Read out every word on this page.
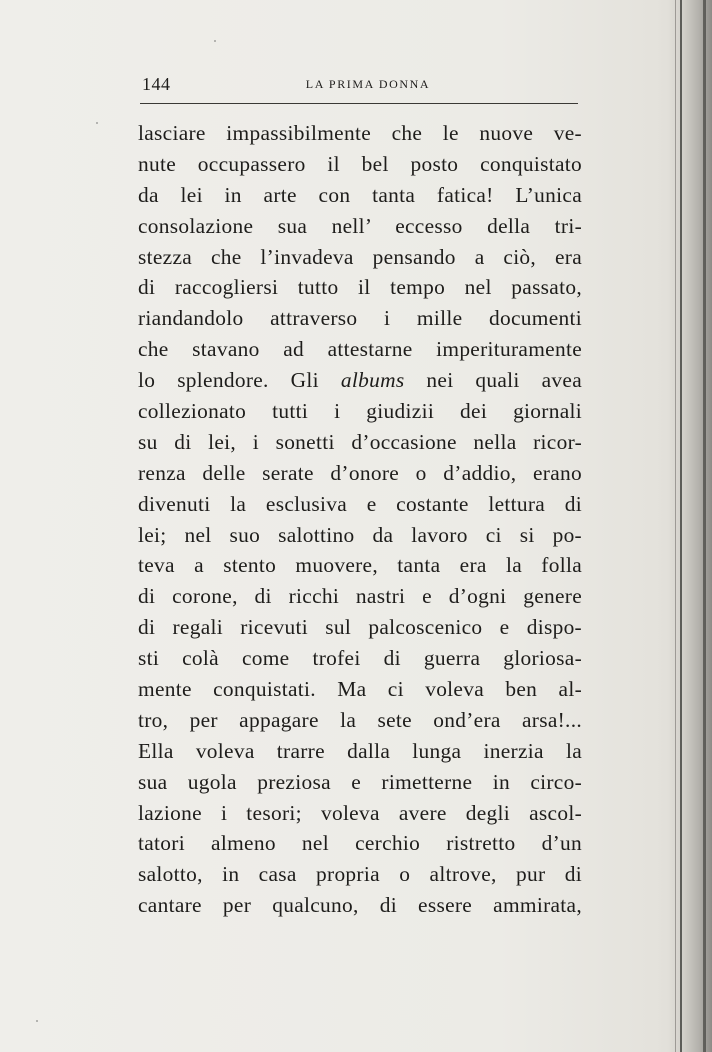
144	LA PRIMA DONNA
lasciare impassibilmente che le nuove ve-
nute occupassero il bel posto conquistato
da lei in arte con tanta fatica! L’unica
consolazione sua nell’ eccesso della tri-
stezza che l’invadeva pensando a ciò, era
di raccogliersi tutto il tempo nel passato,
riandandolo attraverso i mille documenti
che stavano ad attestarne imperituramente
lo splendore. Gli albums nei quali avea
collezionato tutti i giudizii dei giornali
su di lei, i sonetti d’occasione nella ricor-
renza delle serate d’onore o d’addio, erano
divenuti la esclusiva e costante lettura di
lei; nel suo salottino da lavoro ci si po-
teva a stento muovere, tanta era la folla
di corone, di ricchi nastri e d’ogni genere
di regali ricevuti sul palcoscenico e dispo-
sti colà come trofei di guerra gloriosa-
mente conquistati. Ma ci voleva ben al-
tro, per appagare la sete ond’era arsa!...
Ella voleva trarre dalla lunga inerzia la
sua ugola preziosa e rimetterne in circo-
lazione i tesori; voleva avere degli ascol-
tatori almeno nel cerchio ristretto d’un
salotto, in casa propria o altrove, pur di
cantare per qualcuno, di essere ammirata,
